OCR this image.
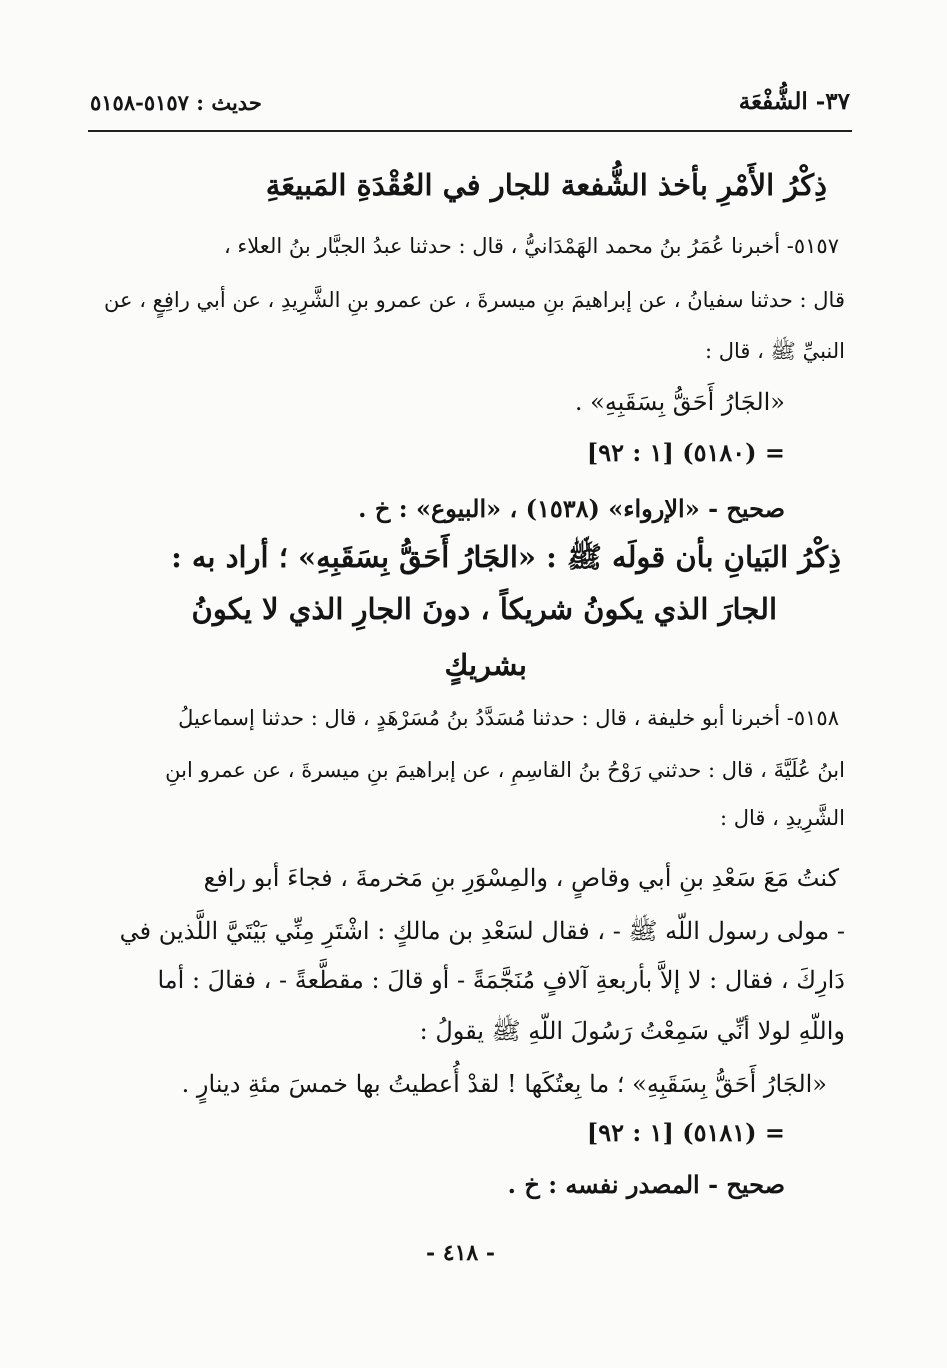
٣٧- الشُّفْعَة
حديث : ٥١٥٧-٥١٥٨
ذِكْرُ الأَمْرِ بأخذ الشُّفعة للجار في العُقْدَةِ المَبيعَةِ
٥١٥٧- أخبرنا عُمَرُ بنُ محمد الهَمْدَانيُّ ، قال : حدثنا عبدُ الجبَّار بنُ العلاء ،
قال : حدثنا سفيانُ ، عن إبراهيمَ بنِ ميسرةَ ، عن عمرو بنِ الشَّرِيدِ ، عن أبي رافِعٍ ، عن
النبيِّ ﷺ ، قال :
«الجَارُ أَحَقُّ بِسَقَبِهِ» .
= (٥١٨٠) [١ : ٩٢]
صحيح - «الإرواء» (١٥٣٨) ، «البيوع» : خ .
ذِكْرُ البَيانِ بأن قولَه ﷺ : «الجَارُ أَحَقُّ بِسَقَبِهِ» ؛ أراد به :
الجارَ الذي يكونُ شريكاً ، دونَ الجارِ الذي لا يكونُ
بشريكٍ
٥١٥٨- أخبرنا أبو خليفة ، قال : حدثنا مُسَدَّدُ بنُ مُسَرْهَدٍ ، قال : حدثنا إسماعيلُ
ابنُ عُلَيَّةَ ، قال : حدثني رَوْحُ بنُ القاسِمِ ، عن إبراهيمَ بنِ ميسرةَ ، عن عمرو ابنِ
الشَّرِيدِ ، قال :
كنتُ مَعَ سَعْدِ بنِ أبي وقاصٍ ، والمِسْوَرِ بنِ مَخرمةَ ، فجاءَ أبو رافع
- مولى رسول اللّه ﷺ - ، فقال لسَعْدِ بن مالكٍ : اشْتَرِ مِنِّي بَيْتَيَّ اللَّذين في
دَارِكَ ، فقال : لا إلاَّ بأربعةِ آلافٍ مُنَجَّمَةً - أو قالَ : مقطَّعةً - ، فقالَ : أما
واللّهِ لولا أنِّي سَمِعْتُ رَسُولَ اللّهِ ﷺ يقولُ :
«الجَارُ أَحَقُّ بِسَقَبِهِ» ؛ ما بِعتُكَها ! لقدْ أُعطيتُ بها خمسَ مئةِ دينارٍ .
= (٥١٨١) [١ : ٩٢]
صحيح - المصدر نفسه : خ .
- ٤١٨ -
